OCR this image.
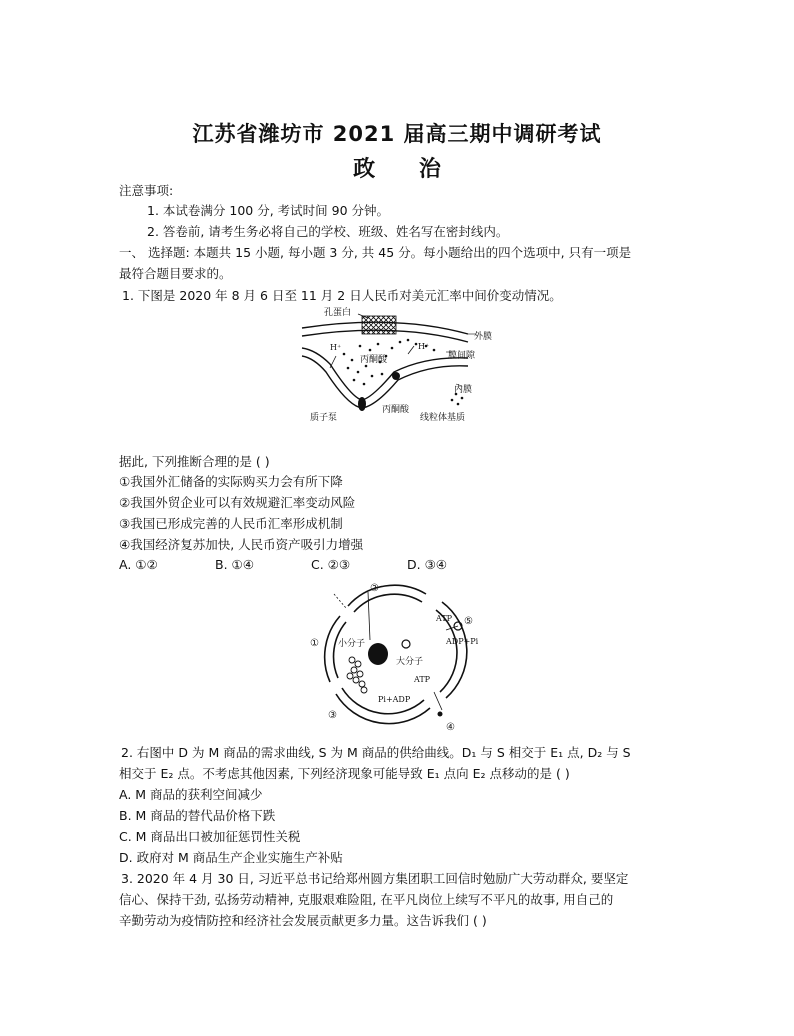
江苏省潍坊市 2021 届高三期中调研考试
政 治
注意事项:
1. 本试卷满分 100 分, 考试时间 90 分钟。
2. 答卷前, 请考生务必将自己的学校、班级、姓名写在密封线内。
一、 选择题: 本题共 15 小题, 每小题 3 分, 共 45 分。每小题给出的四个选项中, 只有一项是
最符合题目要求的。
1. 下图是 2020 年 8 月 6 日至 11 月 2 日人民币对美元汇率中间价变动情况。
孔蛋白
外膜
H⁺	H⁺
膜间隙
丙酮酸
内膜
质子泵
丙酮酸
线粒体基质
据此, 下列推断合理的是 ( )
①我国外汇储备的实际购买力会有所下降
②我国外贸企业可以有效规避汇率变动风险
③我国已形成完善的人民币汇率形成机制
④我国经济复苏加快, 人民币资产吸引力增强
A. ①②	B. ①④	C. ②③	D. ③④
②
①
③
④
⑤
ATP
ADP+Pi
小分子
大分子
ATP
Pi+ADP
2. 右图中 D 为 M 商品的需求曲线, S 为 M 商品的供给曲线。D₁ 与 S 相交于 E₁ 点, D₂ 与 S
相交于 E₂ 点。不考虑其他因素, 下列经济现象可能导致 E₁ 点向 E₂ 点移动的是 ( )
A. M 商品的获利空间减少
B. M 商品的替代品价格下跌
C. M 商品出口被加征惩罚性关税
D. 政府对 M 商品生产企业实施生产补贴
3. 2020 年 4 月 30 日, 习近平总书记给郑州圆方集团职工回信时勉励广大劳动群众, 要坚定
信心、保持干劲, 弘扬劳动精神, 克服艰难险阻, 在平凡岗位上续写不平凡的故事, 用自己的
辛勤劳动为疫情防控和经济社会发展贡献更多力量。这告诉我们 ( )
